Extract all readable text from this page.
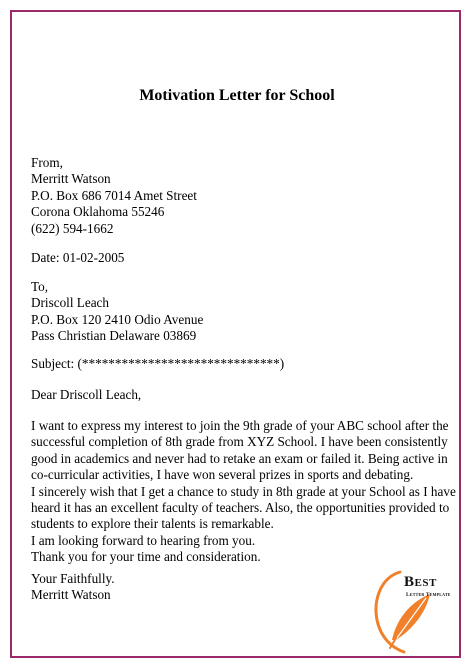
Motivation Letter for School
From,
Merritt Watson
P.O. Box 686 7014 Amet Street
Corona Oklahoma 55246
(622) 594-1662
Date: 01-02-2005
To,
Driscoll Leach
P.O. Box 120 2410 Odio Avenue
Pass Christian Delaware 03869
Subject: (******************************)
Dear Driscoll Leach,
I want to express my interest to join the 9th grade of your ABC school after the
successful completion of 8th grade from XYZ School. I have been consistently
good in academics and never had to retake an exam or failed it. Being active in
co-curricular activities, I have won several prizes in sports and debating.
I sincerely wish that I get a chance to study in 8th grade at your School as I have
heard it has an excellent faculty of teachers. Also, the opportunities provided to
students to explore their talents is remarkable.
I am looking forward to hearing from you.
Thank you for your time and consideration.
Your Faithfully.
Merritt Watson
BEST
LETTER TEMPLATE
